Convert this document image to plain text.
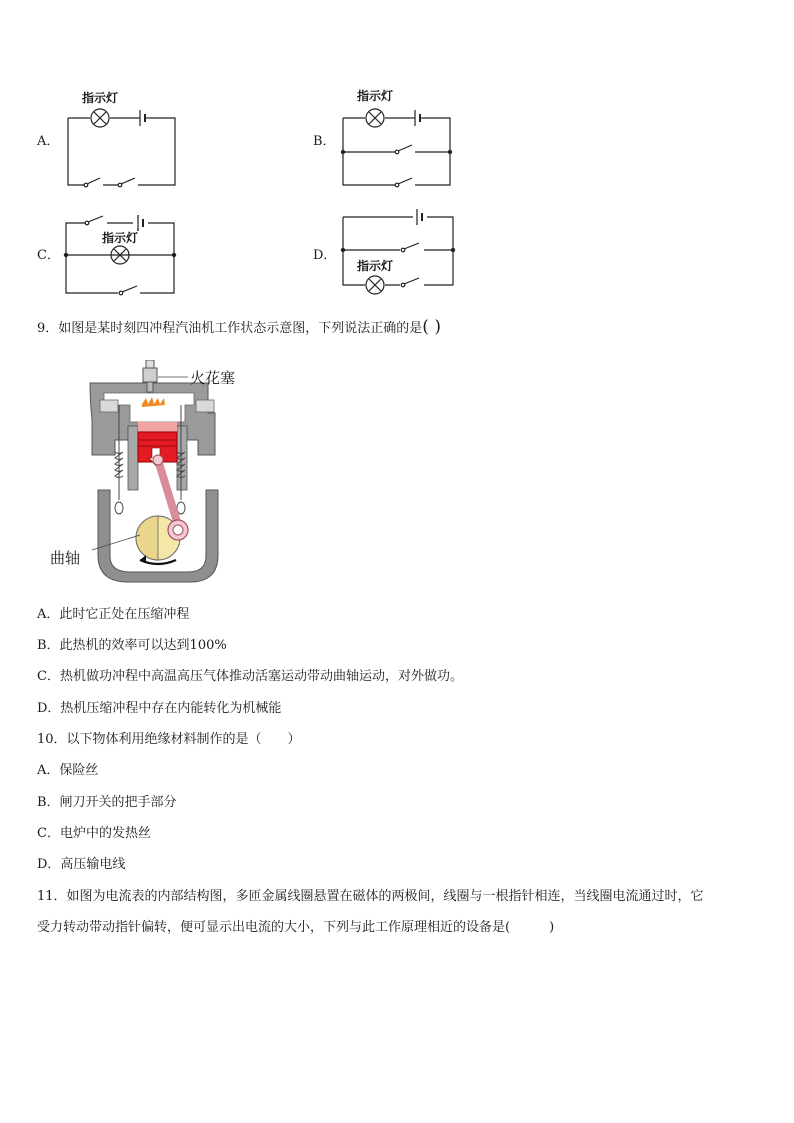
A．
指示灯
B．
指示灯
C．
指示灯
D．
指示灯
9．如图是某时刻四冲程汽油机工作状态示意图，下列说法正确的是( )
火花塞
曲轴
A．此时它正处在压缩冲程
B．此热机的效率可以达到100%
C．热机做功冲程中高温高压气体推动活塞运动带动曲轴运动，对外做功。
D．热机压缩冲程中存在内能转化为机械能
10．以下物体利用绝缘材料制作的是（　　）
A．保险丝
B．闸刀开关的把手部分
C．电炉中的发热丝
D．高压输电线
11．如图为电流表的内部结构图，多匝金属线圈悬置在磁体的两极间，线圈与一根指针相连，当线圈电流通过时，它
受力转动带动指针偏转，便可显示出电流的大小，下列与此工作原理相近的设备是(　　　)
